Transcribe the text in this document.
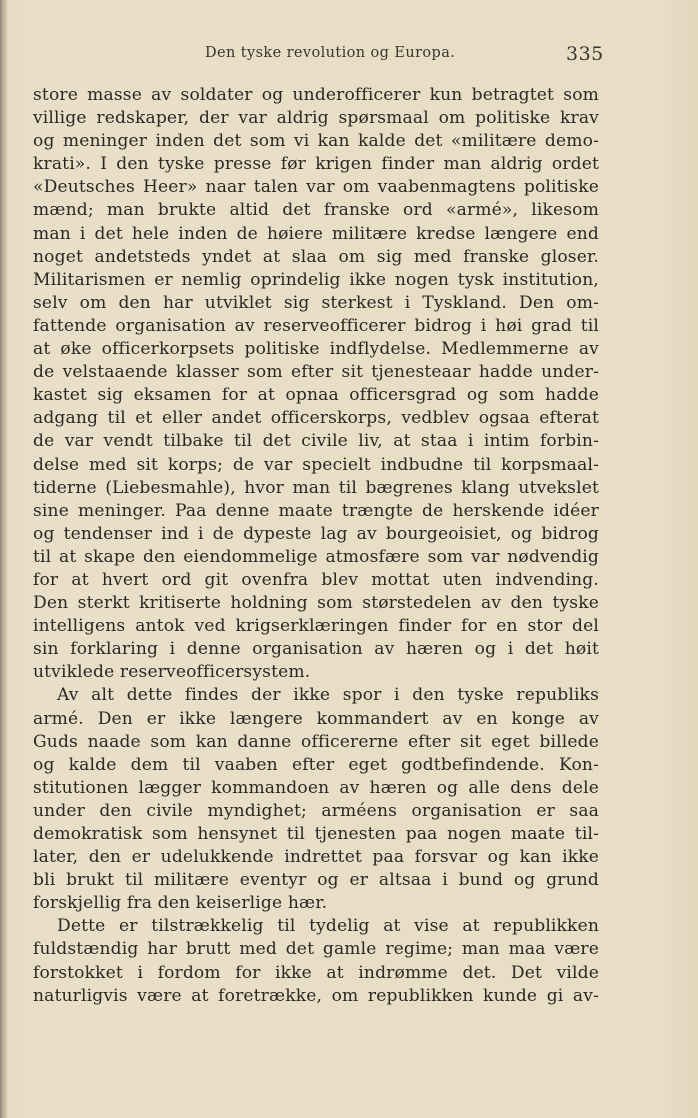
Den tyske revolution og Europa.	335
store masse av soldater og underofficerer kun betragtet som
villige redskaper, der var aldrig spørsmaal om politiske krav
og meninger inden det som vi kan kalde det «militære demo-
krati». I den tyske presse før krigen finder man aldrig ordet
«Deutsches Heer» naar talen var om vaabenmagtens politiske
mænd; man brukte altid det franske ord «armé», likesom
man i det hele inden de høiere militære kredse længere end
noget andetsteds yndet at slaa om sig med franske gloser.
Militarismen er nemlig oprindelig ikke nogen tysk institution,
selv om den har utviklet sig sterkest i Tyskland. Den om-
fattende organisation av reserveofficerer bidrog i høi grad til
at øke officerkorpsets politiske indflydelse. Medlemmerne av
de velstaaende klasser som efter sit tjenesteaar hadde under-
kastet sig eksamen for at opnaa officersgrad og som hadde
adgang til et eller andet officerskorps, vedblev ogsaa efterat
de var vendt tilbake til det civile liv, at staa i intim forbin-
delse med sit korps; de var specielt indbudne til korpsmaal-
tiderne (Liebesmahle), hvor man til bægrenes klang utvekslet
sine meninger. Paa denne maate trængte de herskende idéer
og tendenser ind i de dypeste lag av bourgeoisiet, og bidrog
til at skape den eiendommelige atmosfære som var nødvendig
for at hvert ord git ovenfra blev mottat uten indvending.
Den sterkt kritiserte holdning som størstedelen av den tyske
intelligens antok ved krigserklæringen finder for en stor del
sin forklaring i denne organisation av hæren og i det høit
utviklede reserveofficersystem.
Av alt dette findes der ikke spor i den tyske republiks
armé. Den er ikke længere kommandert av en konge av
Guds naade som kan danne officererne efter sit eget billede
og kalde dem til vaaben efter eget godtbefindende. Kon-
stitutionen lægger kommandoen av hæren og alle dens dele
under den civile myndighet; arméens organisation er saa
demokratisk som hensynet til tjenesten paa nogen maate til-
later, den er udelukkende indrettet paa forsvar og kan ikke
bli brukt til militære eventyr og er altsaa i bund og grund
forskjellig fra den keiserlige hær.
Dette er tilstrækkelig til tydelig at vise at republikken
fuldstændig har brutt med det gamle regime; man maa være
forstokket i fordom for ikke at indrømme det. Det vilde
naturligvis være at foretrække, om republikken kunde gi av-
